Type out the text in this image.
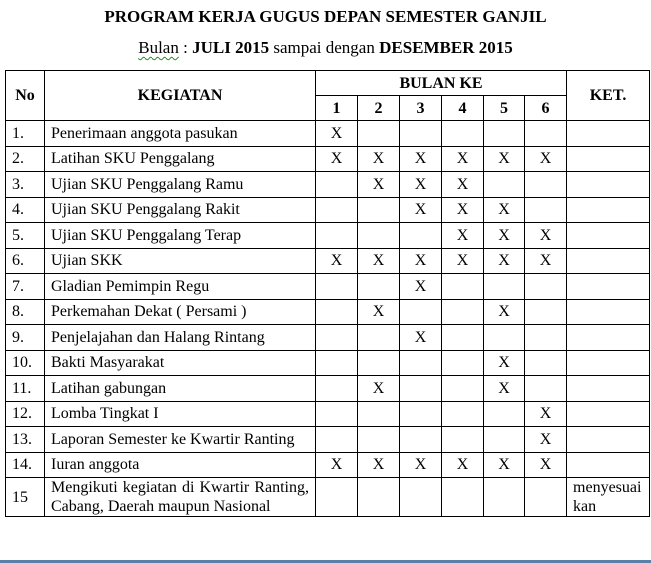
PROGRAM KERJA GUGUS DEPAN SEMESTER GANJIL
Bulan : JULI 2015 sampai dengan DESEMBER 2015
No	KEGIATAN	BULAN KE						KET.
		1	2	3	4	5	6	
1.	Penerimaan anggota pasukan	X						
2.	Latihan SKU Penggalang	X	X	X	X	X	X	
3.	Ujian SKU Penggalang Ramu		X	X	X			
4.	Ujian SKU Penggalang Rakit			X	X	X		
5.	Ujian SKU Penggalang Terap				X	X	X	
6.	Ujian SKK	X	X	X	X	X	X	
7.	Gladian Pemimpin Regu			X				
8.	Perkemahan Dekat ( Persami )		X			X		
9.	Penjelajahan dan Halang Rintang			X				
10.	Bakti Masyarakat					X		
11.	Latihan gabungan		X			X		
12.	Lomba Tingkat I						X	
13.	Laporan Semester ke Kwartir Ranting						X	
14.	Iuran anggota	X	X	X	X	X	X	
15	Mengikuti kegiatan di Kwartir Ranting, Cabang, Daerah maupun Nasional							menyesuaikan
